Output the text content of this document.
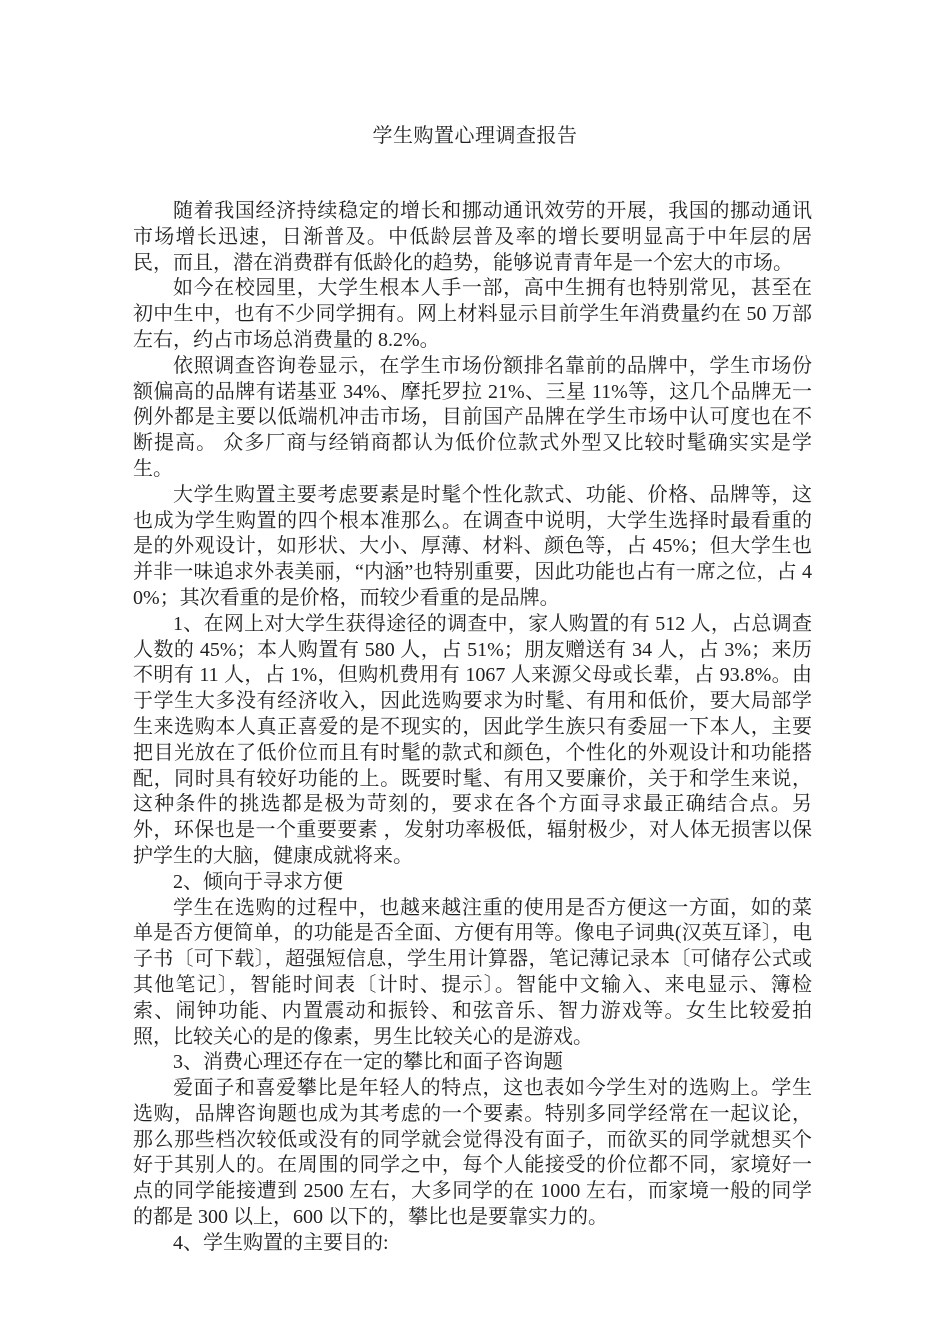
学生购置心理调查报告

随着我国经济持续稳定的增长和挪动通讯效劳的开展，我国的挪动通讯市场增长迅速，日渐普及。中低龄层普及率的增长要明显高于中年层的居民，而且，潜在消费群有低龄化的趋势，能够说青青年是一个宏大的市场。

如今在校园里，大学生根本人手一部，高中生拥有也特别常见，甚至在初中生中，也有不少同学拥有。网上材料显示目前学生年消费量约在 50 万部左右，约占市场总消费量的 8.2%。

依照调查咨询卷显示，在学生市场份额排名靠前的品牌中，学生市场份额偏高的品牌有诺基亚 34%、摩托罗拉 21%、三星 11%等，这几个品牌无一例外都是主要以低端机冲击市场，目前国产品牌在学生市场中认可度也在不断提高。 众多厂商与经销商都认为低价位款式外型又比较时髦确实实是学生。

大学生购置主要考虑要素是时髦个性化款式、功能、价格、品牌等，这也成为学生购置的四个根本准那么。在调查中说明，大学生选择时最看重的是的外观设计，如形状、大小、厚薄、材料、颜色等，占 45%；但大学生也并非一味追求外表美丽，“内涵”也特别重要，因此功能也占有一席之位，占 40%；其次看重的是价格，而较少看重的是品牌。

1、在网上对大学生获得途径的调查中，家人购置的有 512 人，占总调查人数的 45%；本人购置有 580 人，占 51%；朋友赠送有 34 人，占 3%；来历不明有 11 人，占 1%，但购机费用有 1067 人来源父母或长辈，占 93.8%。由于学生大多没有经济收入，因此选购要求为时髦、有用和低价，要大局部学生来选购本人真正喜爱的是不现实的，因此学生族只有委屈一下本人，主要把目光放在了低价位而且有时髦的款式和颜色，个性化的外观设计和功能搭配，同时具有较好功能的上。既要时髦、有用又要廉价，关于和学生来说，这种条件的挑选都是极为苛刻的，要求在各个方面寻求最正确结合点。另外，环保也是一个重要要素 ，发射功率极低，辐射极少，对人体无损害以保护学生的大脑，健康成就将来。

2、倾向于寻求方便

学生在选购的过程中，也越来越注重的使用是否方便这一方面，如的菜单是否方便简单，的功能是否全面、方便有用等。像电子词典(汉英互译〕，电子书〔可下载〕，超强短信息，学生用计算器，笔记薄记录本〔可储存公式或其他笔记〕，智能时间表〔计时、提示〕。智能中文输入、来电显示、簿检索、闹钟功能、内置震动和振铃、和弦音乐、智力游戏等。女生比较爱拍照，比较关心的是的像素，男生比较关心的是游戏。

3、消费心理还存在一定的攀比和面子咨询题

爱面子和喜爱攀比是年轻人的特点，这也表如今学生对的选购上。学生选购，品牌咨询题也成为其考虑的一个要素。特别多同学经常在一起议论，那么那些档次较低或没有的同学就会觉得没有面子，而欲买的同学就想买个好于其别人的。在周围的同学之中，每个人能接受的价位都不同，家境好一点的同学能接遭到 2500 左右，大多同学的在 1000 左右，而家境一般的同学的都是 300 以上，600 以下的，攀比也是要靠实力的。

4、学生购置的主要目的:
